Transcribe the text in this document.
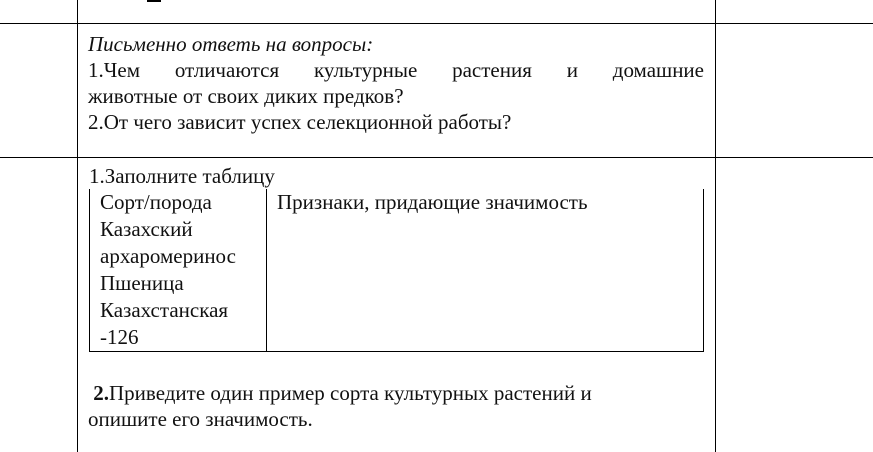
Письменно ответь на вопросы:
1.Чем отличаются культурные растения и домашние
животные от своих диких предков?
2.От чего зависит успех селекционной работы?
1.Заполните таблицу
Сорт/порода	Признаки, придающие значимость

Казахский
архаромеринос	

Пшеница
Казахстанская
-126	

2.Приведите один пример сорта культурных растений и
опишите его значимость.
